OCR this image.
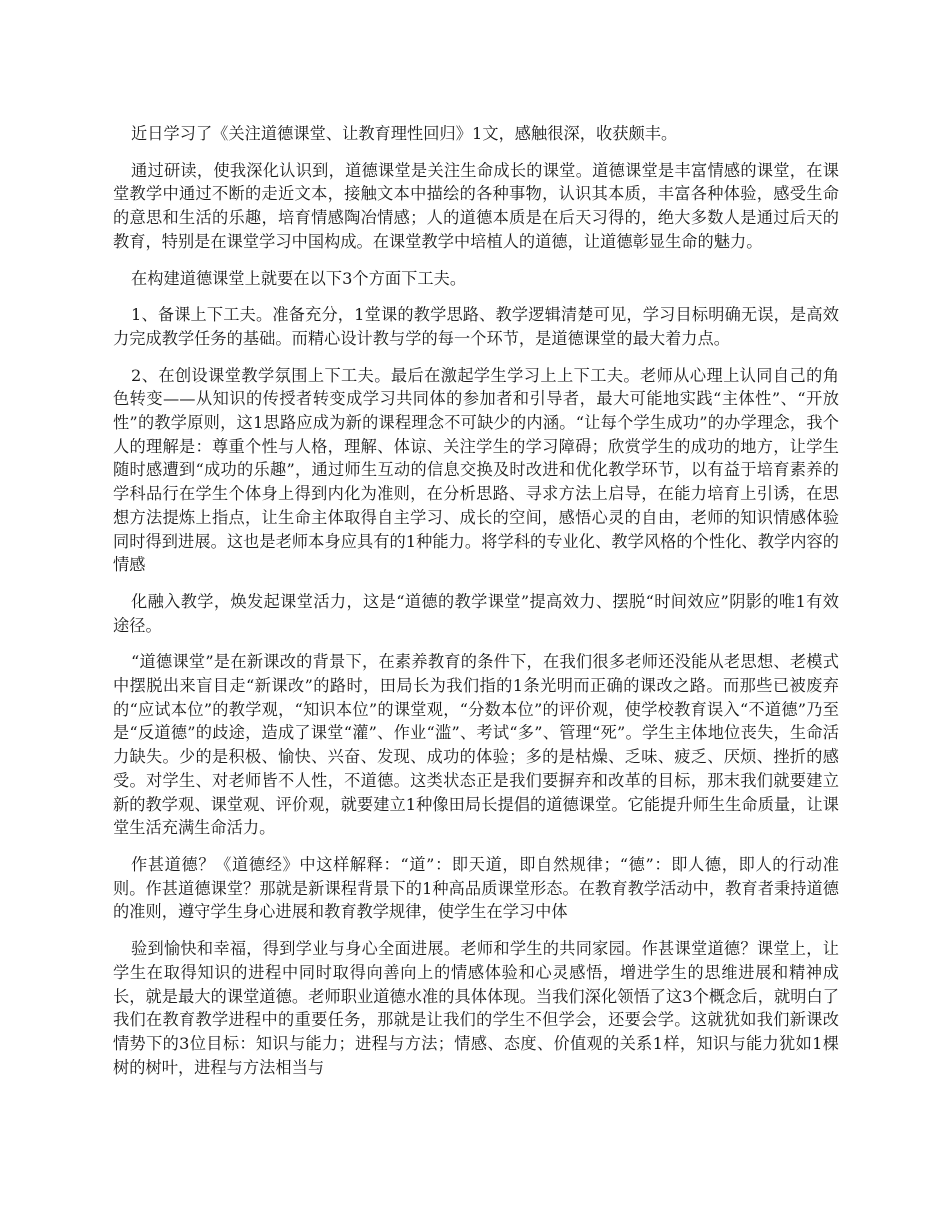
近日学习了《关注道德课堂、让教育理性回归》1文，感触很深，收获颇丰。

通过研读，使我深化认识到，道德课堂是关注生命成长的课堂。道德课堂是丰富情感的课堂，在课堂教学中通过不断的走近文本，接触文本中描绘的各种事物，认识其本质，丰富各种体验，感受生命的意思和生活的乐趣，培育情感陶冶情感；人的道德本质是在后天习得的，绝大多数人是通过后天的教育，特别是在课堂学习中国构成。在课堂教学中培植人的道德，让道德彰显生命的魅力。

在构建道德课堂上就要在以下3个方面下工夫。

1、备课上下工夫。准备充分，1堂课的教学思路、教学逻辑清楚可见，学习目标明确无误，是高效力完成教学任务的基础。而精心设计教与学的每一个环节，是道德课堂的最大着力点。

2、在创设课堂教学氛围上下工夫。最后在激起学生学习上上下工夫。老师从心理上认同自己的角色转变——从知识的传授者转变成学习共同体的参加者和引导者，最大可能地实践“主体性”、“开放性”的教学原则，这1思路应成为新的课程理念不可缺少的内涵。“让每个学生成功”的办学理念，我个人的理解是：尊重个性与人格，理解、体谅、关注学生的学习障碍；欣赏学生的成功的地方，让学生随时感遭到“成功的乐趣”，通过师生互动的信息交换及时改进和优化教学环节，以有益于培育素养的学科品行在学生个体身上得到内化为准则，在分析思路、寻求方法上启导，在能力培育上引诱，在思想方法提炼上指点，让生命主体取得自主学习、成长的空间，感悟心灵的自由，老师的知识情感体验同时得到进展。这也是老师本身应具有的1种能力。将学科的专业化、教学风格的个性化、教学内容的情感

化融入教学，焕发起课堂活力，这是“道德的教学课堂”提高效力、摆脱“时间效应”阴影的唯1有效途径。

“道德课堂”是在新课改的背景下，在素养教育的条件下，在我们很多老师还没能从老思想、老模式中摆脱出来盲目走“新课改”的路时，田局长为我们指的1条光明而正确的课改之路。而那些已被废弃的“应试本位”的教学观，“知识本位”的课堂观，“分数本位”的评价观，使学校教育误入“不道德”乃至是“反道德”的歧途，造成了课堂“灌”、作业“滥”、考试“多”、管理“死”。学生主体地位丧失，生命活力缺失。少的是积极、愉快、兴奋、发现、成功的体验；多的是枯燥、乏味、疲乏、厌烦、挫折的感受。对学生、对老师皆不人性，不道德。这类状态正是我们要摒弃和改革的目标，那末我们就要建立新的教学观、课堂观、评价观，就要建立1种像田局长提倡的道德课堂。它能提升师生生命质量，让课堂生活充满生命活力。

作甚道德？《道德经》中这样解释：“道”：即天道，即自然规律；“德”：即人德，即人的行动准则。作甚道德课堂？那就是新课程背景下的1种高品质课堂形态。在教育教学活动中，教育者秉持道德的准则，遵守学生身心进展和教育教学规律，使学生在学习中体

验到愉快和幸福，得到学业与身心全面进展。老师和学生的共同家园。作甚课堂道德？课堂上，让学生在取得知识的进程中同时取得向善向上的情感体验和心灵感悟，增进学生的思维进展和精神成长，就是最大的课堂道德。老师职业道德水准的具体体现。当我们深化领悟了这3个概念后，就明白了我们在教育教学进程中的重要任务，那就是让我们的学生不但学会，还要会学。这就犹如我们新课改情势下的3位目标：知识与能力；进程与方法；情感、态度、价值观的关系1样，知识与能力犹如1棵树的树叶，进程与方法相当与
